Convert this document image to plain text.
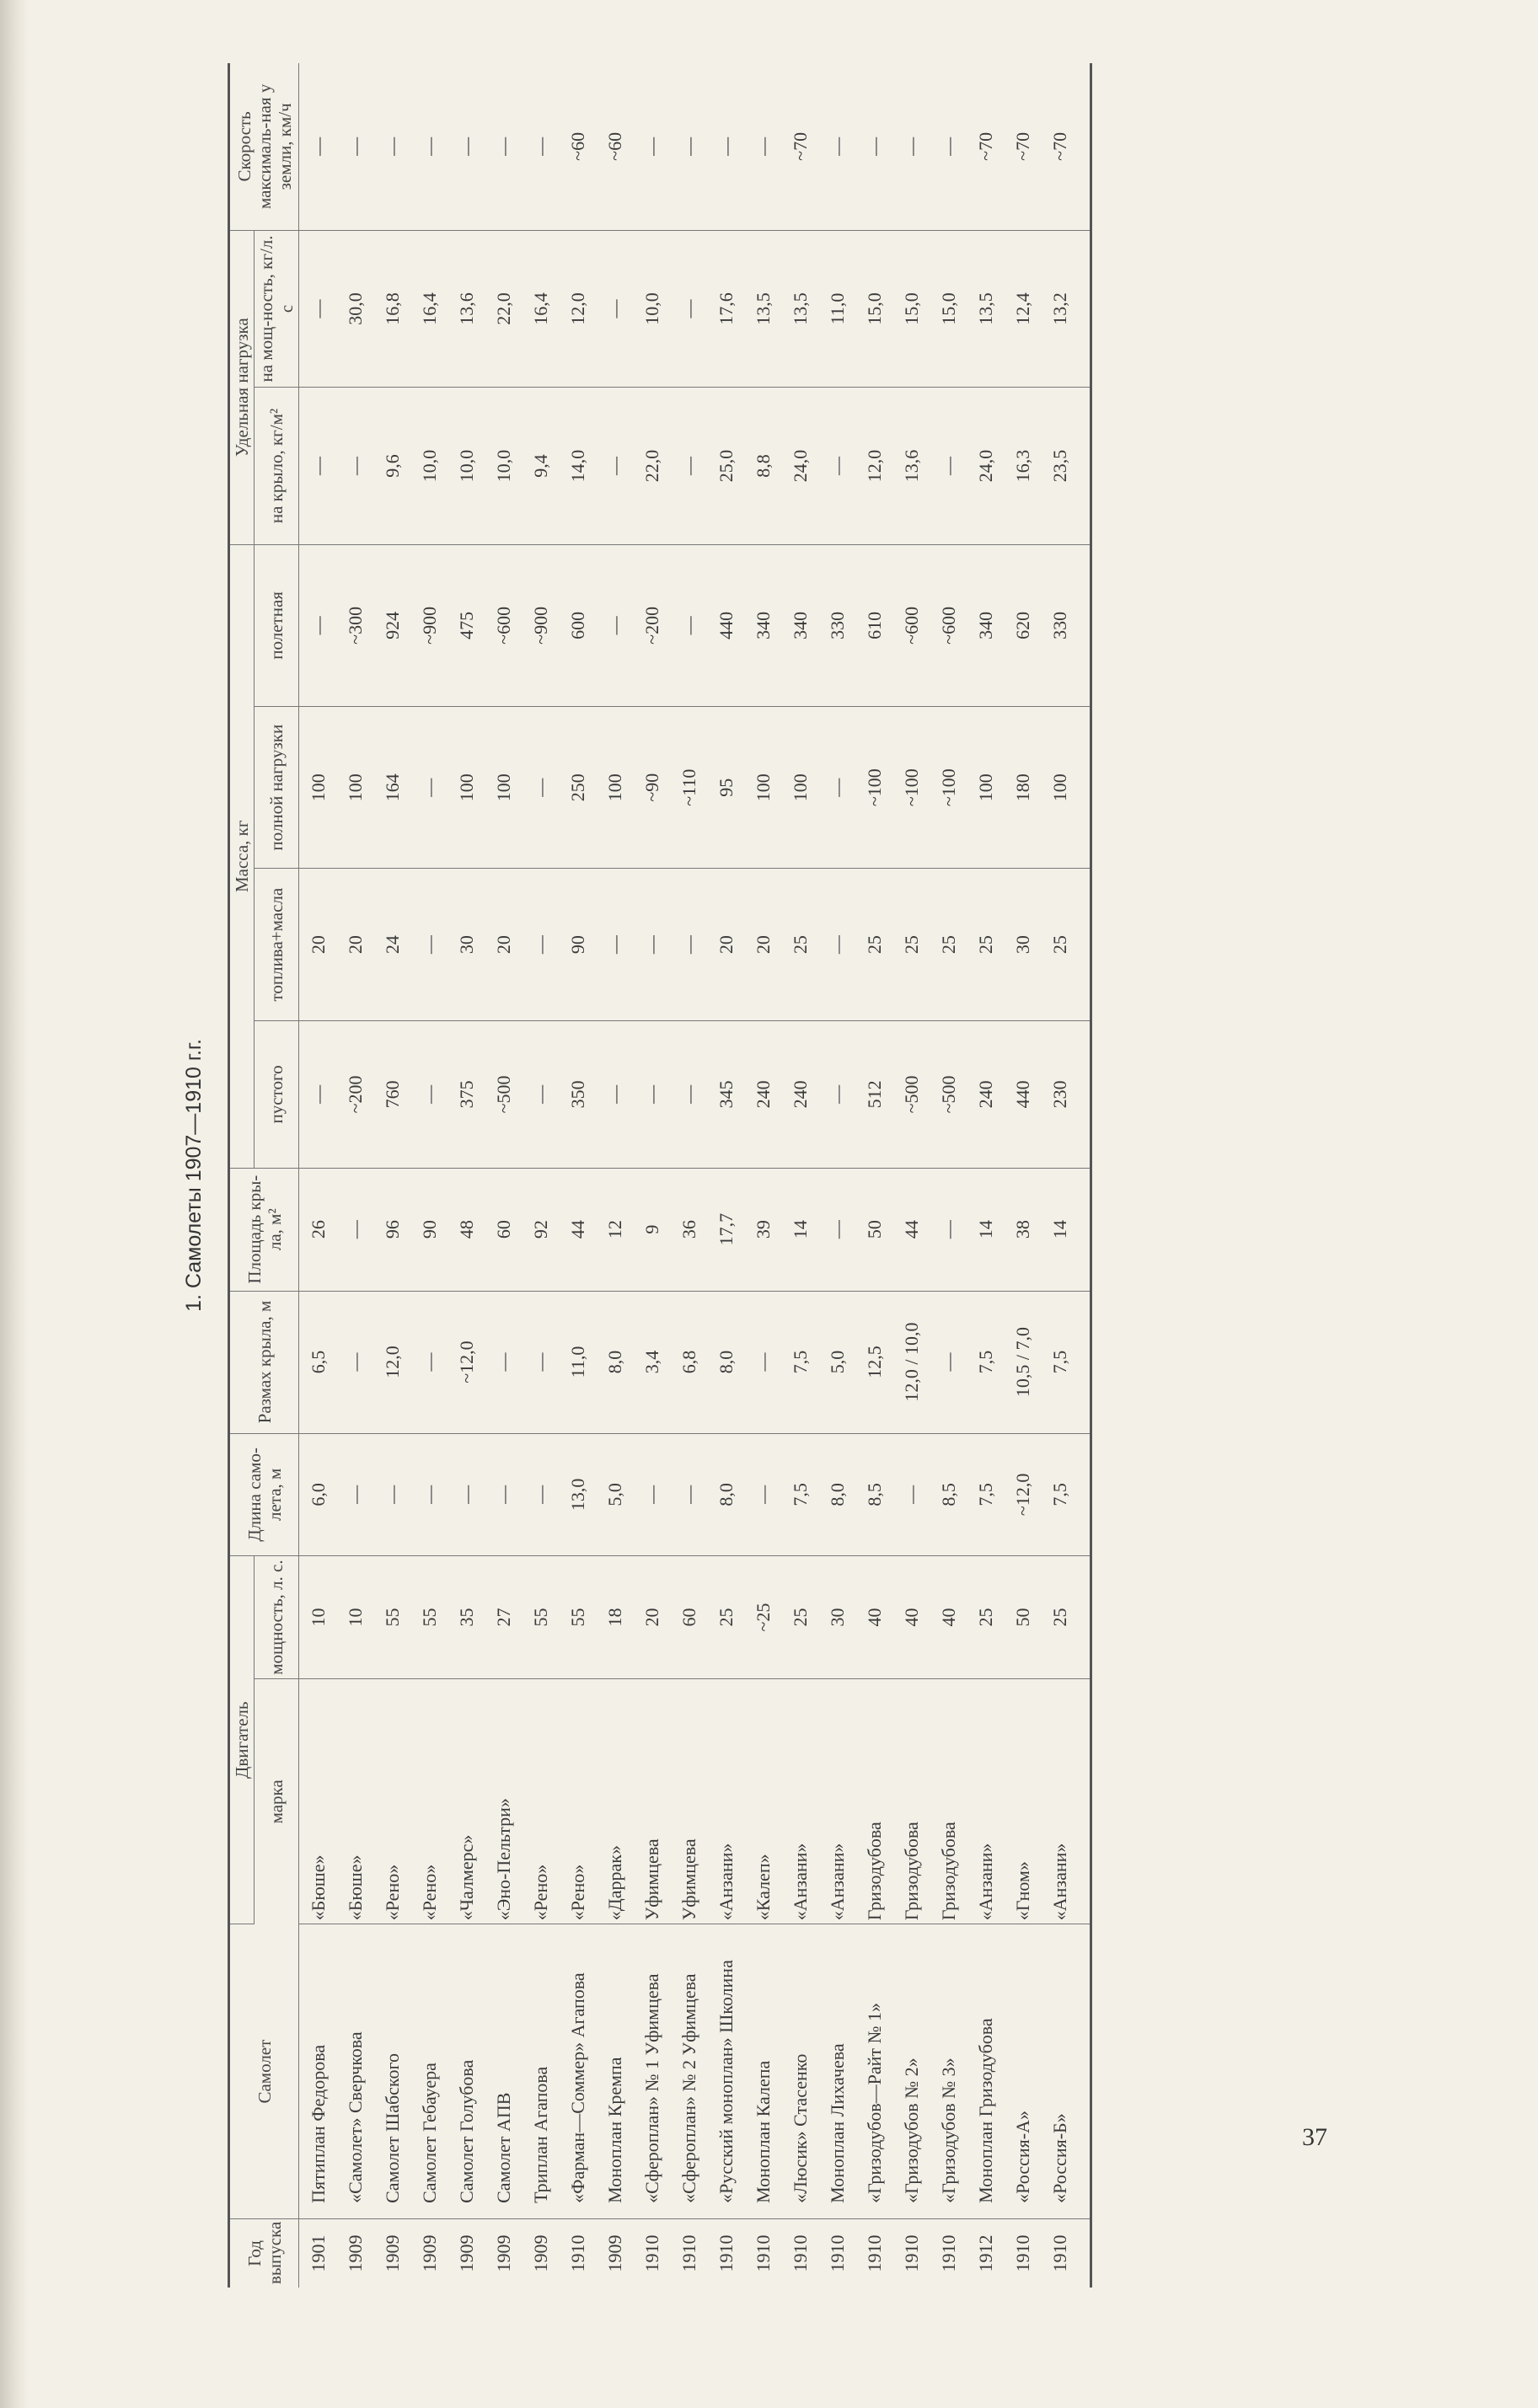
1. Самолеты 1907—1910 г.г.
Год выпуска	Самолет	Двигатель		Длина само-лета, м	Размах крыла, м	Площадь кры-ла, м²	Масса, кг				Удельная нагрузка		Скорость максималь-ная у земли, км/ч
		марка	мощность, л. с.				пустого	топлива+масла	полной нагрузки	полетная	на крыло, кг/м²	на мощ-ность, кг/л. с	
1901	Пятиплан Федорова	«Бюше»	10	6,0	6,5	26	—	20	100	—	—	—	—
1909	«Самолет» Сверчкова	«Бюше»	10	—	—	—	~200	20	100	~300	—	30,0	—
1909	Самолет Шабского	«Рено»	55	—	12,0	96	760	24	164	924	9,6	16,8	—
1909	Самолет Гебауера	«Рено»	55	—	—	90	—	—	—	~900	10,0	16,4	—
1909	Самолет Голубова	«Чалмерс»	35	—	~12,0	48	375	30	100	475	10,0	13,6	—
1909	Самолет АПВ	«Эно-Пельтри»	27	—	—	60	~500	20	100	~600	10,0	22,0	—
1909	Триплан Агапова	«Рено»	55	—	—	92	—	—	—	~900	9,4	16,4	—
1910	«Фарман—Соммер» Агапова	«Рено»	55	13,0	11,0	44	350	90	250	600	14,0	12,0	~60
1909	Моноплан Кремпа	«Даррак»	18	5,0	8,0	12	—	—	100	—	—	—	~60
1910	«Сфероплан» № 1 Уфимцева	Уфимцева	20	—	3,4	9	—	—	~90	~200	22,0	10,0	—
1910	«Сфероплан» № 2 Уфимцева	Уфимцева	60	—	6,8	36	—	—	~110	—	—	—	—
1910	«Русский моноплан» Школина	«Анзани»	25	8,0	8,0	17,7	345	20	95	440	25,0	17,6	—
1910	Моноплан Калепа	«Калеп»	~25	—	—	39	240	20	100	340	8,8	13,5	—
1910	«Люсик» Стасенко	«Анзани»	25	7,5	7,5	14	240	25	100	340	24,0	13,5	~70
1910	Моноплан Лихачева	«Анзани»	30	8,0	5,0	—	—	—	—	330	—	11,0	—
1910	«Гризодубов—Райт № 1»	Гризодубова	40	8,5	12,5	50	512	25	~100	610	12,0	15,0	—
1910	«Гризодубов № 2»	Гризодубова	40	—	12,0 / 10,0	44	~500	25	~100	~600	13,6	15,0	—
1910	«Гризодубов № 3»	Гризодубова	40	8,5	—	—	~500	25	~100	~600	—	15,0	—
1912	Моноплан Гризодубова	«Анзани»	25	7,5	7,5	14	240	25	100	340	24,0	13,5	~70
1910	«Россия-А»	«Гном»	50	~12,0	10,5 / 7,0	38	440	30	180	620	16,3	12,4	~70
1910	«Россия-Б»	«Анзани»	25	7,5	7,5	14	230	25	100	330	23,5	13,2	~70
37
